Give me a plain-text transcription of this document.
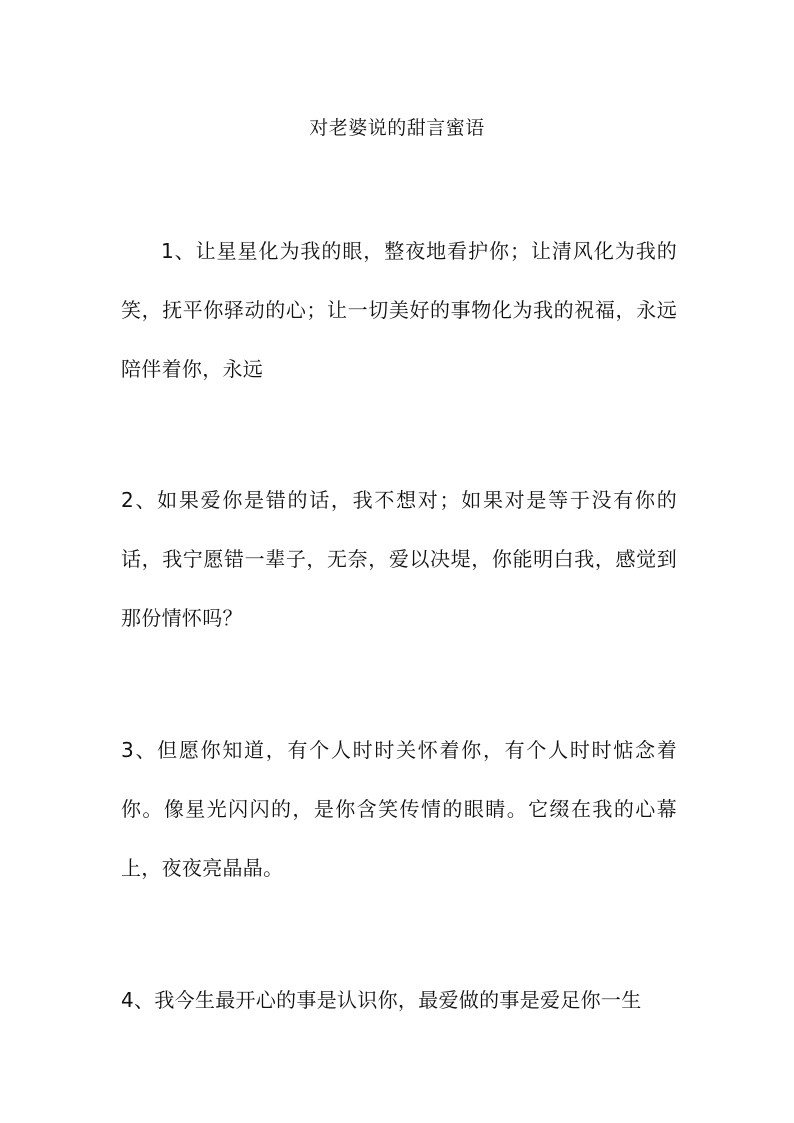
对老婆说的甜言蜜语

1、让星星化为我的眼，整夜地看护你；让清风化为我的笑，抚平你驿动的心；让一切美好的事物化为我的祝福，永远陪伴着你，永远

2、如果爱你是错的话，我不想对；如果对是等于没有你的话，我宁愿错一辈子，无奈，爱以决堤，你能明白我，感觉到那份情怀吗？

3、但愿你知道，有个人时时关怀着你，有个人时时惦念着你。像星光闪闪的，是你含笑传情的眼睛。它缀在我的心幕上，夜夜亮晶晶。

4、我今生最开心的事是认识你，最爱做的事是爱足你一生
